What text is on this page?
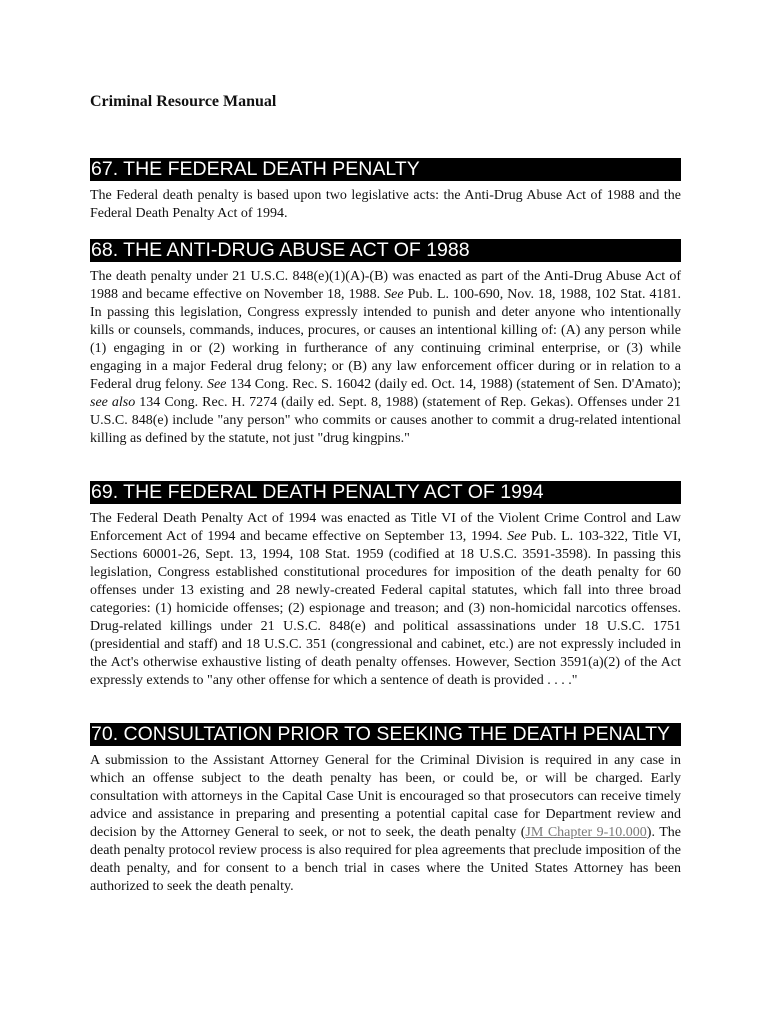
Criminal Resource Manual
67. THE FEDERAL DEATH PENALTY

The Federal death penalty is based upon two legislative acts: the Anti-Drug Abuse Act of 1988 and the Federal Death Penalty Act of 1994.

68. THE ANTI-DRUG ABUSE ACT OF 1988

The death penalty under 21 U.S.C. 848(e)(1)(A)-(B) was enacted as part of the Anti-Drug Abuse Act of 1988 and became effective on November 18, 1988. See Pub. L. 100-690, Nov. 18, 1988, 102 Stat. 4181. In passing this legislation, Congress expressly intended to punish and deter anyone who intentionally kills or counsels, commands, induces, procures, or causes an intentional killing of: (A) any person while (1) engaging in or (2) working in furtherance of any continuing criminal enterprise, or (3) while engaging in a major Federal drug felony; or (B) any law enforcement officer during or in relation to a Federal drug felony. See 134 Cong. Rec. S. 16042 (daily ed. Oct. 14, 1988) (statement of Sen. D'Amato); see also 134 Cong. Rec. H. 7274 (daily ed. Sept. 8, 1988) (statement of Rep. Gekas). Offenses under 21 U.S.C. 848(e) include "any person" who commits or causes another to commit a drug-related intentional killing as defined by the statute, not just "drug kingpins."

69. THE FEDERAL DEATH PENALTY ACT OF 1994

The Federal Death Penalty Act of 1994 was enacted as Title VI of the Violent Crime Control and Law Enforcement Act of 1994 and became effective on September 13, 1994. See Pub. L. 103-322, Title VI, Sections 60001-26, Sept. 13, 1994, 108 Stat. 1959 (codified at 18 U.S.C. 3591-3598). In passing this legislation, Congress established constitutional procedures for imposition of the death penalty for 60 offenses under 13 existing and 28 newly-created Federal capital statutes, which fall into three broad categories: (1) homicide offenses; (2) espionage and treason; and (3) non-homicidal narcotics offenses. Drug-related killings under 21 U.S.C. 848(e) and political assassinations under 18 U.S.C. 1751 (presidential and staff) and 18 U.S.C. 351 (congressional and cabinet, etc.) are not expressly included in the Act's otherwise exhaustive listing of death penalty offenses. However, Section 3591(a)(2) of the Act expressly extends to "any other offense for which a sentence of death is provided . . . ."

70. CONSULTATION PRIOR TO SEEKING THE DEATH PENALTY

A submission to the Assistant Attorney General for the Criminal Division is required in any case in which an offense subject to the death penalty has been, or could be, or will be charged. Early consultation with attorneys in the Capital Case Unit is encouraged so that prosecutors can receive timely advice and assistance in preparing and presenting a potential capital case for Department review and decision by the Attorney General to seek, or not to seek, the death penalty (JM Chapter 9-10.000). The death penalty protocol review process is also required for plea agreements that preclude imposition of the death penalty, and for consent to a bench trial in cases where the United States Attorney has been authorized to seek the death penalty.
